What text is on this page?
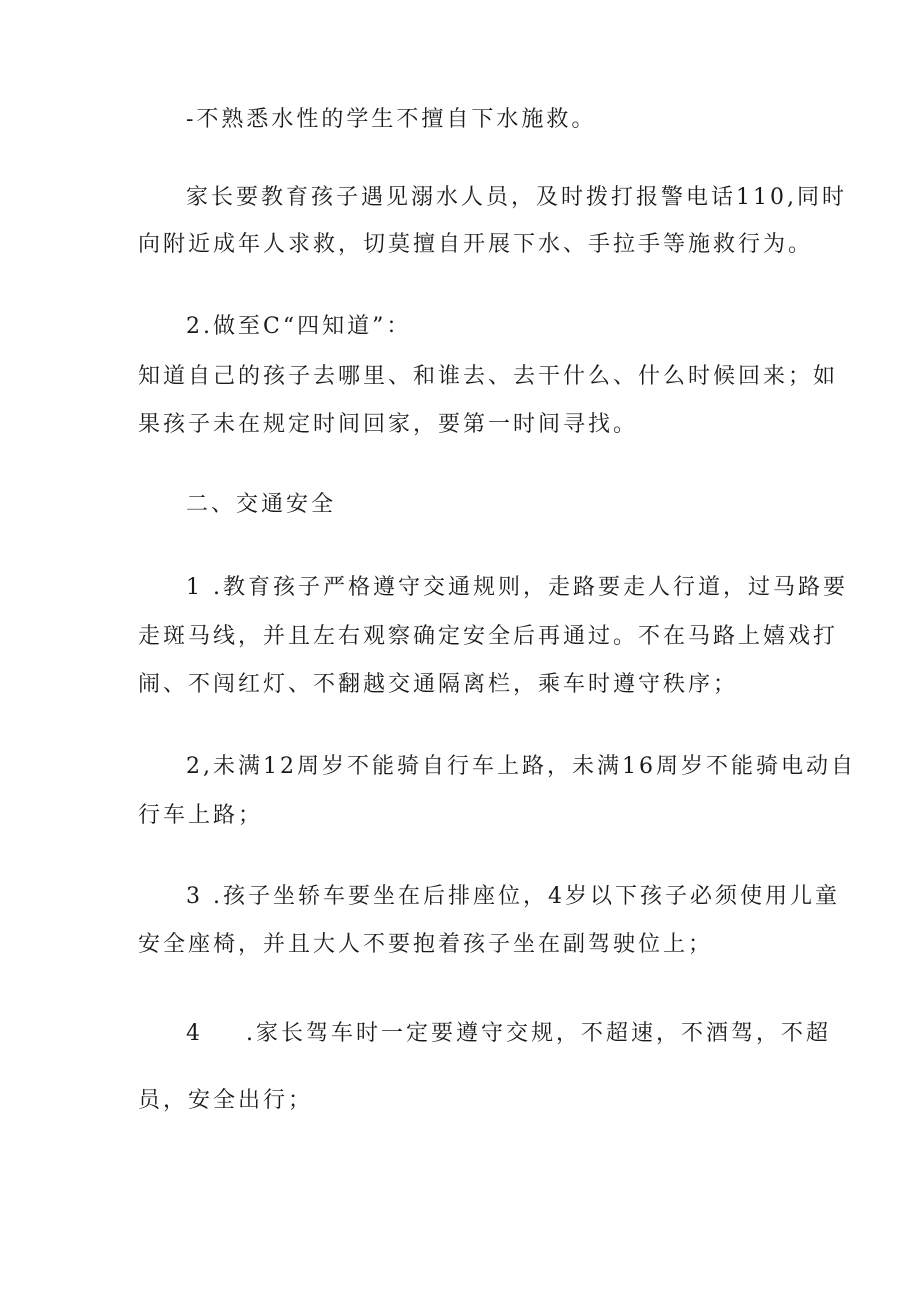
-不熟悉水性的学生不擅自下水施救。
家长要教育孩子遇见溺水人员，及时拨打报警电话110,同时
向附近成年人求救，切莫擅自开展下水、手拉手等施救行为。
2.做至C“四知道”：
知道自己的孩子去哪里、和谁去、去干什么、什么时候回来；如
果孩子未在规定时间回家，要第一时间寻找。
二、交通安全
1 .教育孩子严格遵守交通规则，走路要走人行道，过马路要
走斑马线，并且左右观察确定安全后再通过。不在马路上嬉戏打
闹、不闯红灯、不翻越交通隔离栏，乘车时遵守秩序；
2,未满12周岁不能骑自行车上路，未满16周岁不能骑电动自
行车上路；
3 .孩子坐轿车要坐在后排座位，4岁以下孩子必须使用儿童
安全座椅，并且大人不要抱着孩子坐在副驾驶位上；
4 .家长驾车时一定要遵守交规，不超速，不酒驾，不超
员，安全出行；
